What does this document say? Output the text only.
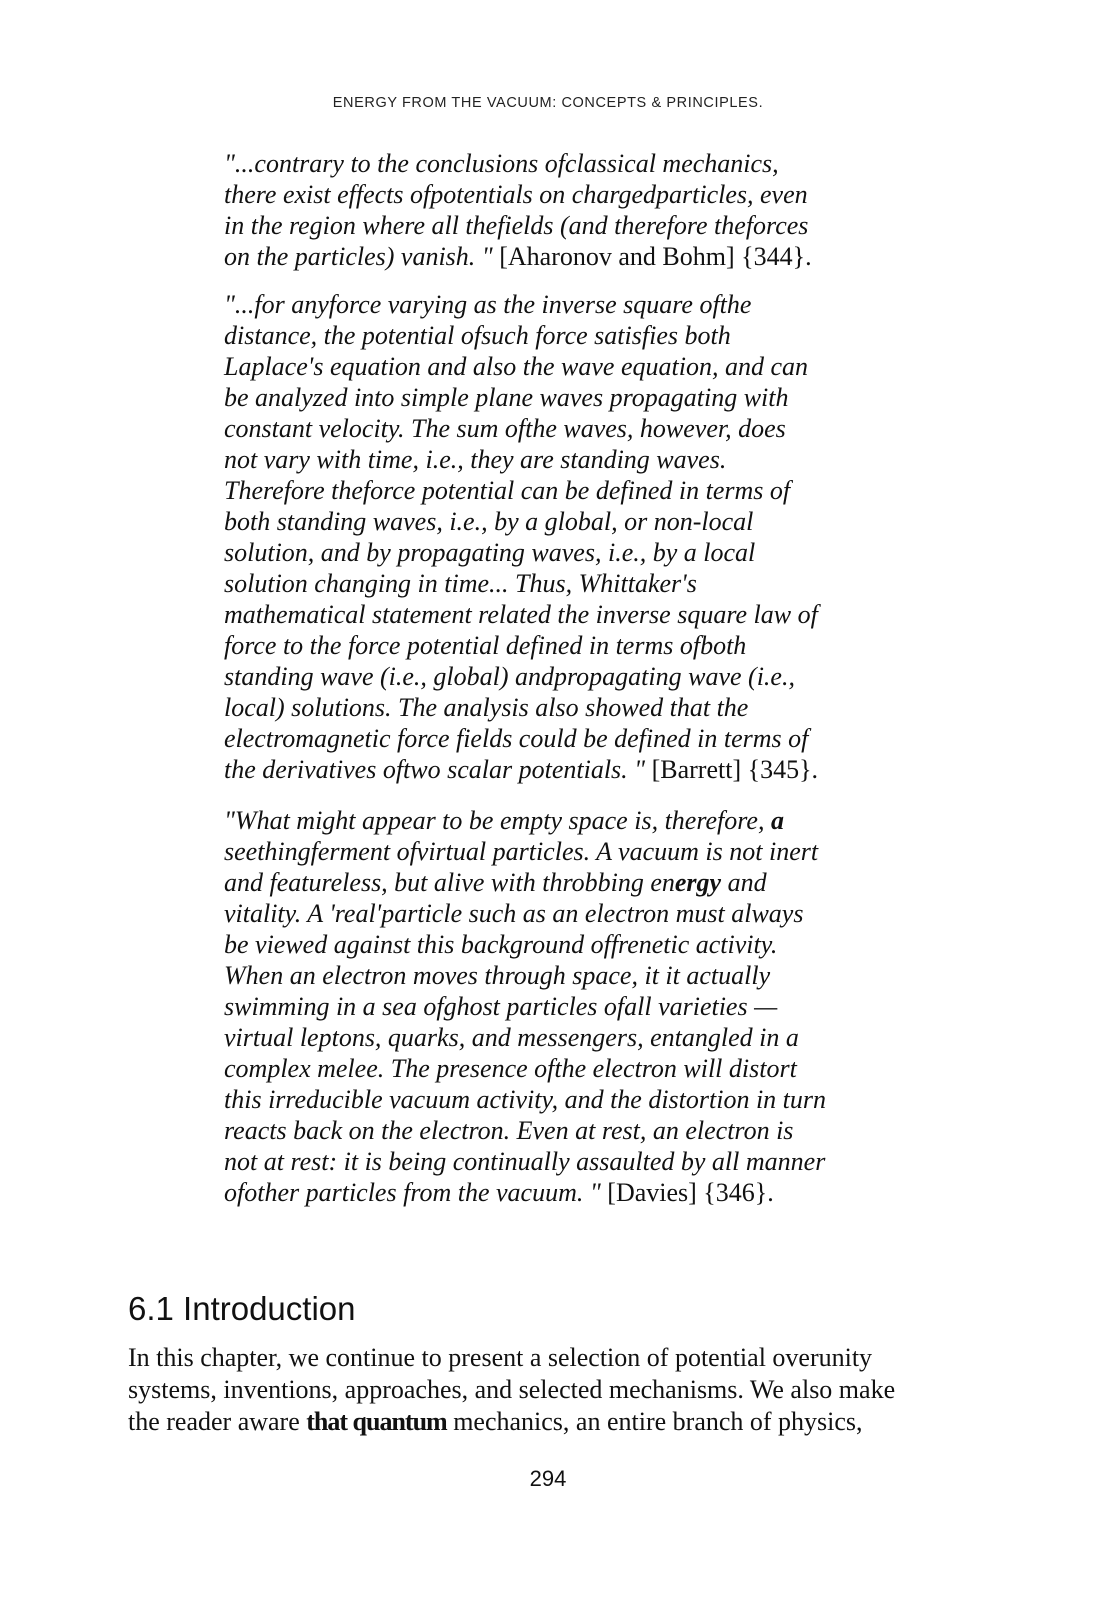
ENERGY FROM THE VACUUM: CONCEPTS & PRINCIPLES.
"...contrary to the conclusions ofclassical mechanics,
there exist effects ofpotentials on chargedparticles, even
in the region where all thefields (and therefore theforces
on the particles) vanish. " [Aharonov and Bohm] {344}.
"...for anyforce varying as the inverse square ofthe
distance, the potential ofsuch force satisfies both
Laplace's equation and also the wave equation, and can
be analyzed into simple plane waves propagating with
constant velocity. The sum ofthe waves, however, does
not vary with time, i.e., they are standing waves.
Therefore theforce potential can be defined in terms of
both standing waves, i.e., by a global, or non-local
solution, and by propagating waves, i.e., by a local
solution changing in time... Thus, Whittaker's
mathematical statement related the inverse square law of
force to the force potential defined in terms ofboth
standing wave (i.e., global) andpropagating wave (i.e.,
local) solutions. The analysis also showed that the
electromagnetic force fields could be defined in terms of
the derivatives oftwo scalar potentials. " [Barrett] {345}.
"What might appear to be empty space is, therefore, a
seethingferment ofvirtual particles. A vacuum is not inert
and featureless, but alive with throbbing energy and
vitality. A 'real'particle such as an electron must always
be viewed against this background offrenetic activity.
When an electron moves through space, it it actually
swimming in a sea ofghost particles ofall varieties —
virtual leptons, quarks, and messengers, entangled in a
complex melee. The presence ofthe electron will distort
this irreducible vacuum activity, and the distortion in turn
reacts back on the electron. Even at rest, an electron is
not at rest: it is being continually assaulted by all manner
ofother particles from the vacuum. " [Davies] {346}.
6.1 Introduction
In this chapter, we continue to present a selection of potential overunity
systems, inventions, approaches, and selected mechanisms. We also make
the reader aware that quantum mechanics, an entire branch of physics,
294
